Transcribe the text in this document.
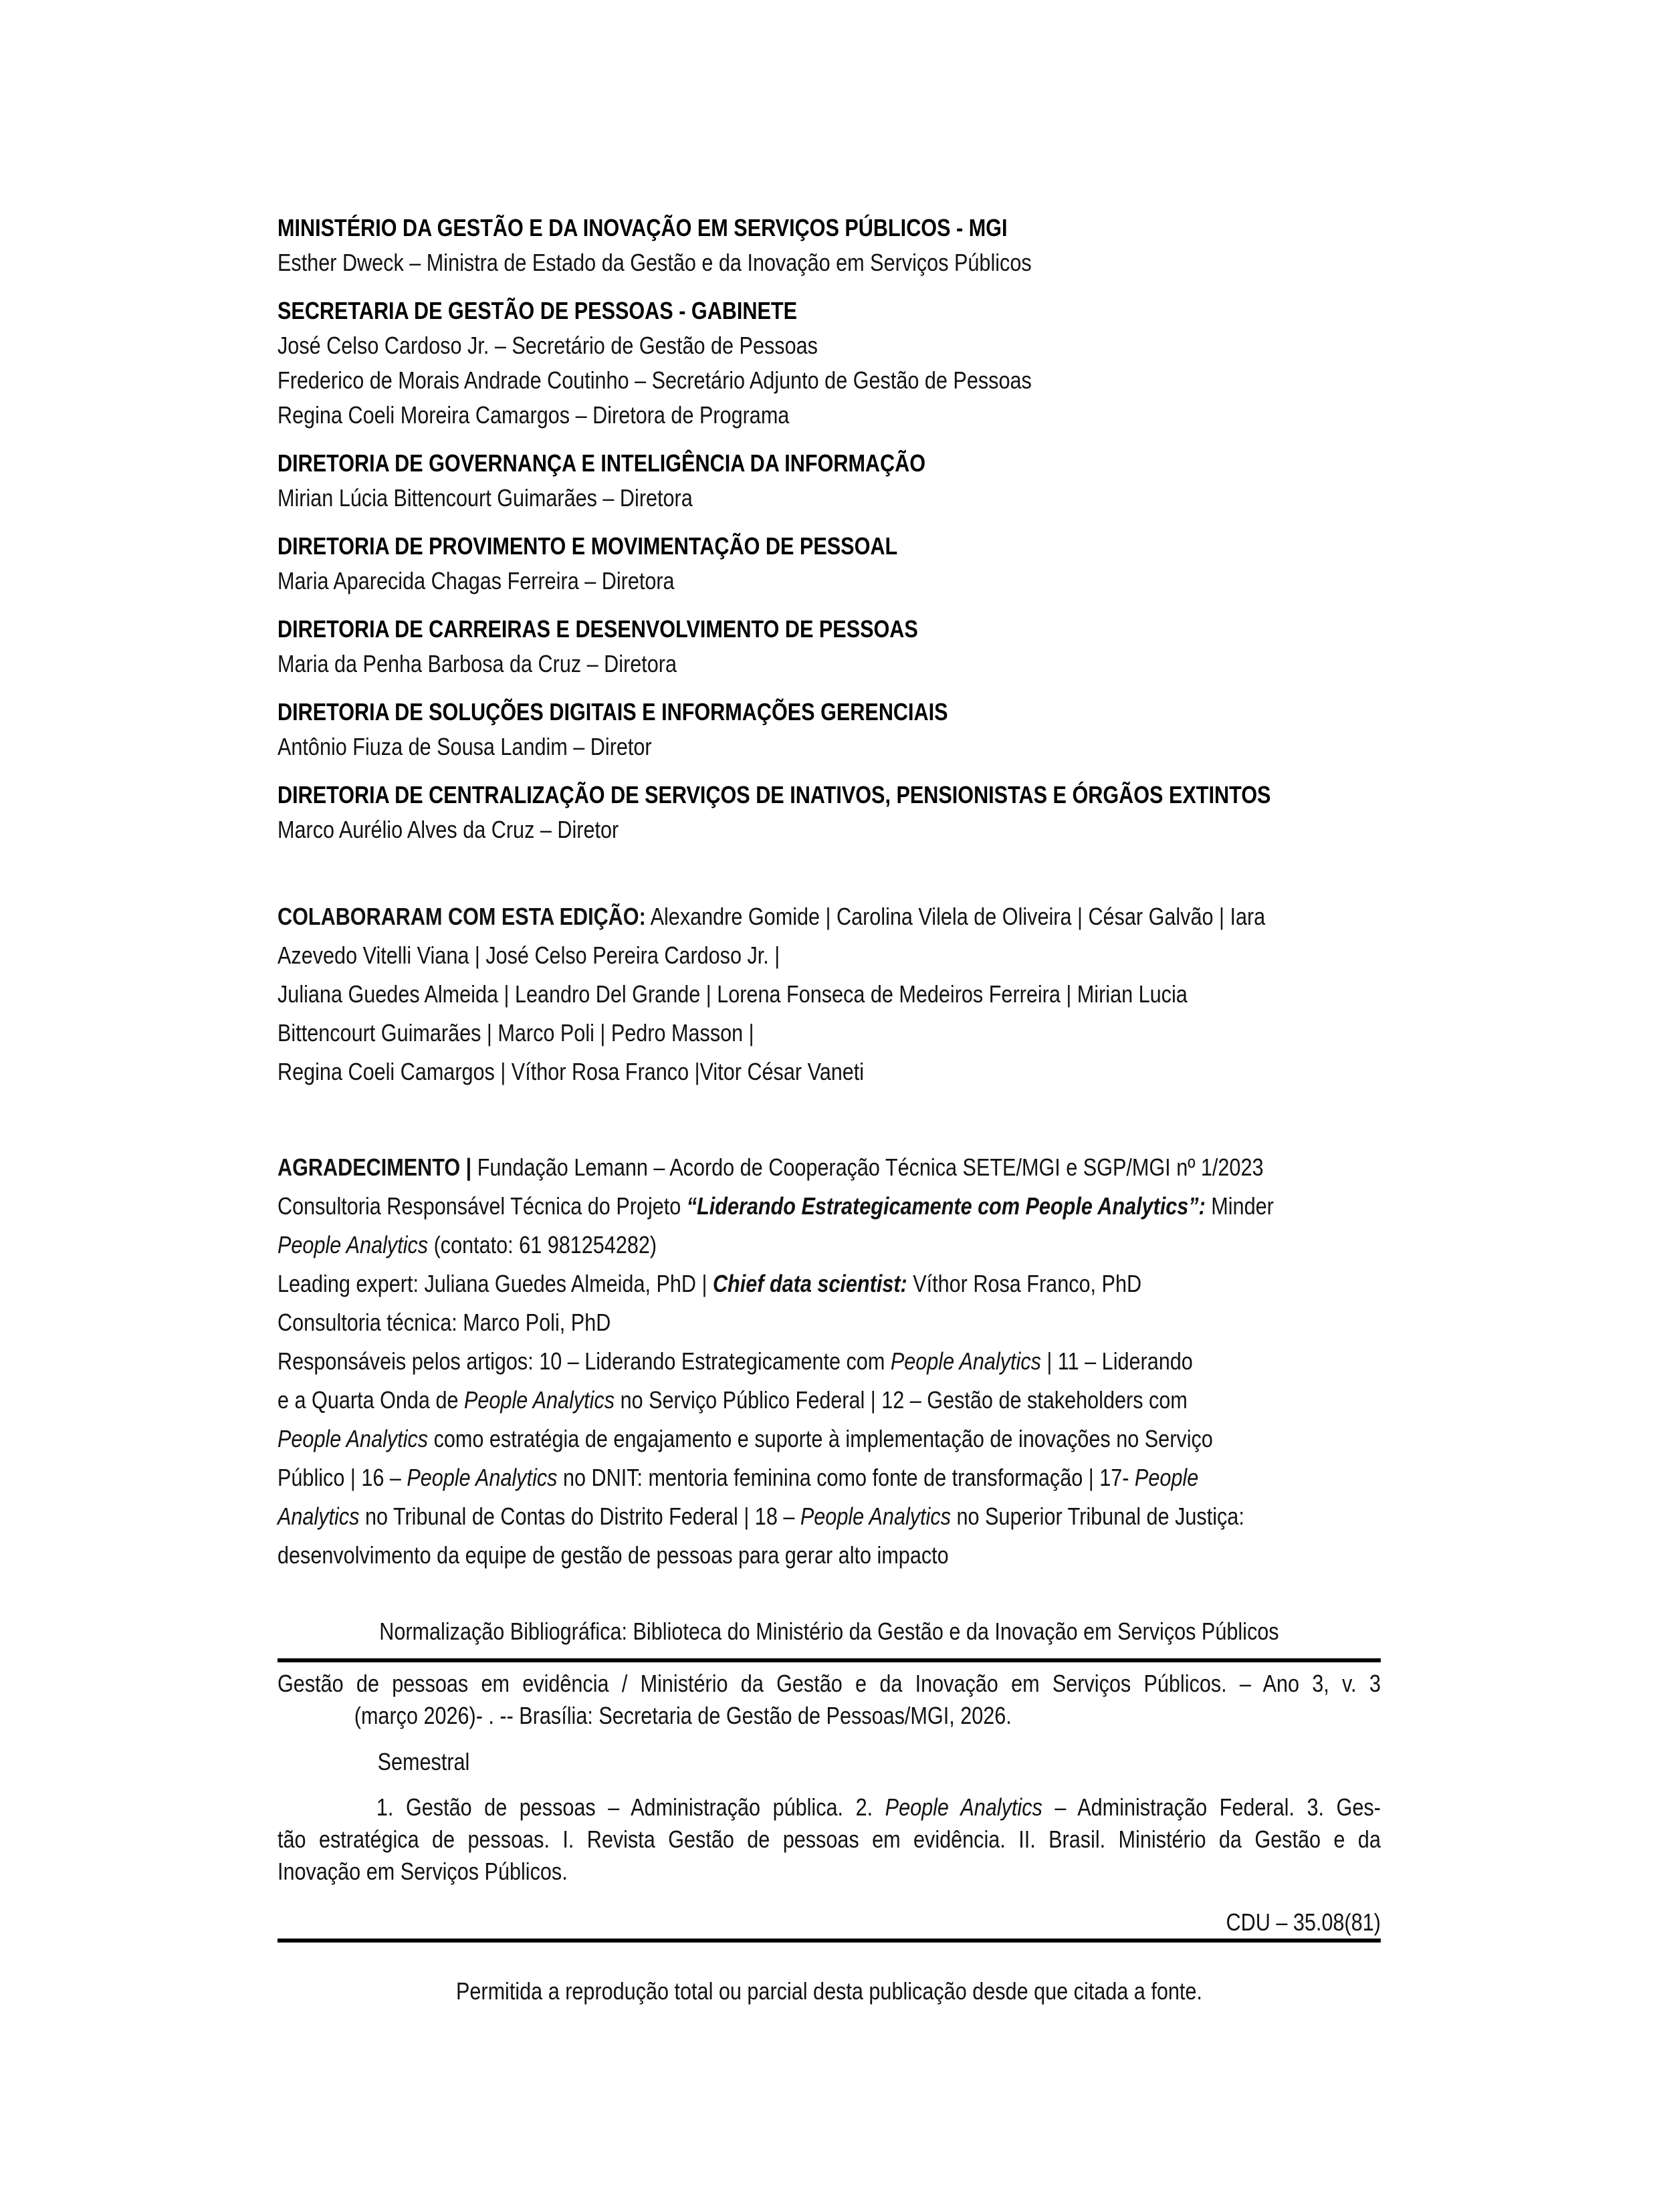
MINISTÉRIO DA GESTÃO E DA INOVAÇÃO EM SERVIÇOS PÚBLICOS - MGI
Esther Dweck – Ministra de Estado da Gestão e da Inovação em Serviços Públicos
SECRETARIA DE GESTÃO DE PESSOAS - GABINETE
José Celso Cardoso Jr. – Secretário de Gestão de Pessoas
Frederico de Morais Andrade Coutinho – Secretário Adjunto de Gestão de Pessoas
Regina Coeli Moreira Camargos – Diretora de Programa
DIRETORIA DE GOVERNANÇA E INTELIGÊNCIA DA INFORMAÇÃO
Mirian Lúcia Bittencourt Guimarães – Diretora
DIRETORIA DE PROVIMENTO E MOVIMENTAÇÃO DE PESSOAL
Maria Aparecida Chagas Ferreira – Diretora
DIRETORIA DE CARREIRAS E DESENVOLVIMENTO DE PESSOAS
Maria da Penha Barbosa da Cruz – Diretora
DIRETORIA DE SOLUÇÕES DIGITAIS E INFORMAÇÕES GERENCIAIS
Antônio Fiuza de Sousa Landim – Diretor
DIRETORIA DE CENTRALIZAÇÃO DE SERVIÇOS DE INATIVOS, PENSIONISTAS E ÓRGÃOS EXTINTOS
Marco Aurélio Alves da Cruz – Diretor
COLABORARAM COM ESTA EDIÇÃO: Alexandre Gomide | Carolina Vilela de Oliveira | César Galvão | Iara
Azevedo Vitelli Viana | José Celso Pereira Cardoso Jr. |
Juliana Guedes Almeida | Leandro Del Grande | Lorena Fonseca de Medeiros Ferreira | Mirian Lucia
Bittencourt Guimarães | Marco Poli | Pedro Masson |
Regina Coeli Camargos | Víthor Rosa Franco |Vitor César Vaneti
AGRADECIMENTO | Fundação Lemann – Acordo de Cooperação Técnica SETE/MGI e SGP/MGI nº 1/2023
Consultoria Responsável Técnica do Projeto “Liderando Estrategicamente com People Analytics”: Minder
People Analytics (contato: 61 981254282)
Leading expert: Juliana Guedes Almeida, PhD | Chief data scientist: Víthor Rosa Franco, PhD
Consultoria técnica: Marco Poli, PhD
Responsáveis pelos artigos: 10 – Liderando Estrategicamente com People Analytics | 11 – Liderando
e a Quarta Onda de People Analytics no Serviço Público Federal | 12 – Gestão de stakeholders com
People Analytics como estratégia de engajamento e suporte à implementação de inovações no Serviço
Público | 16 – People Analytics no DNIT: mentoria feminina como fonte de transformação | 17- People
Analytics no Tribunal de Contas do Distrito Federal | 18 – People Analytics no Superior Tribunal de Justiça:
desenvolvimento da equipe de gestão de pessoas para gerar alto impacto
Normalização Bibliográfica: Biblioteca do Ministério da Gestão e da Inovação em Serviços Públicos
Gestão de pessoas em evidência / Ministério da Gestão e da Inovação em Serviços Públicos. – Ano 3, v. 3
(março 2026)- . -- Brasília: Secretaria de Gestão de Pessoas/MGI, 2026.
Semestral
1. Gestão de pessoas – Administração pública. 2. People Analytics – Administração Federal. 3. Ges-
tão estratégica de pessoas. I. Revista Gestão de pessoas em evidência. II. Brasil. Ministério da Gestão e da
Inovação em Serviços Públicos.
CDU – 35.08(81)
Permitida a reprodução total ou parcial desta publicação desde que citada a fonte.
